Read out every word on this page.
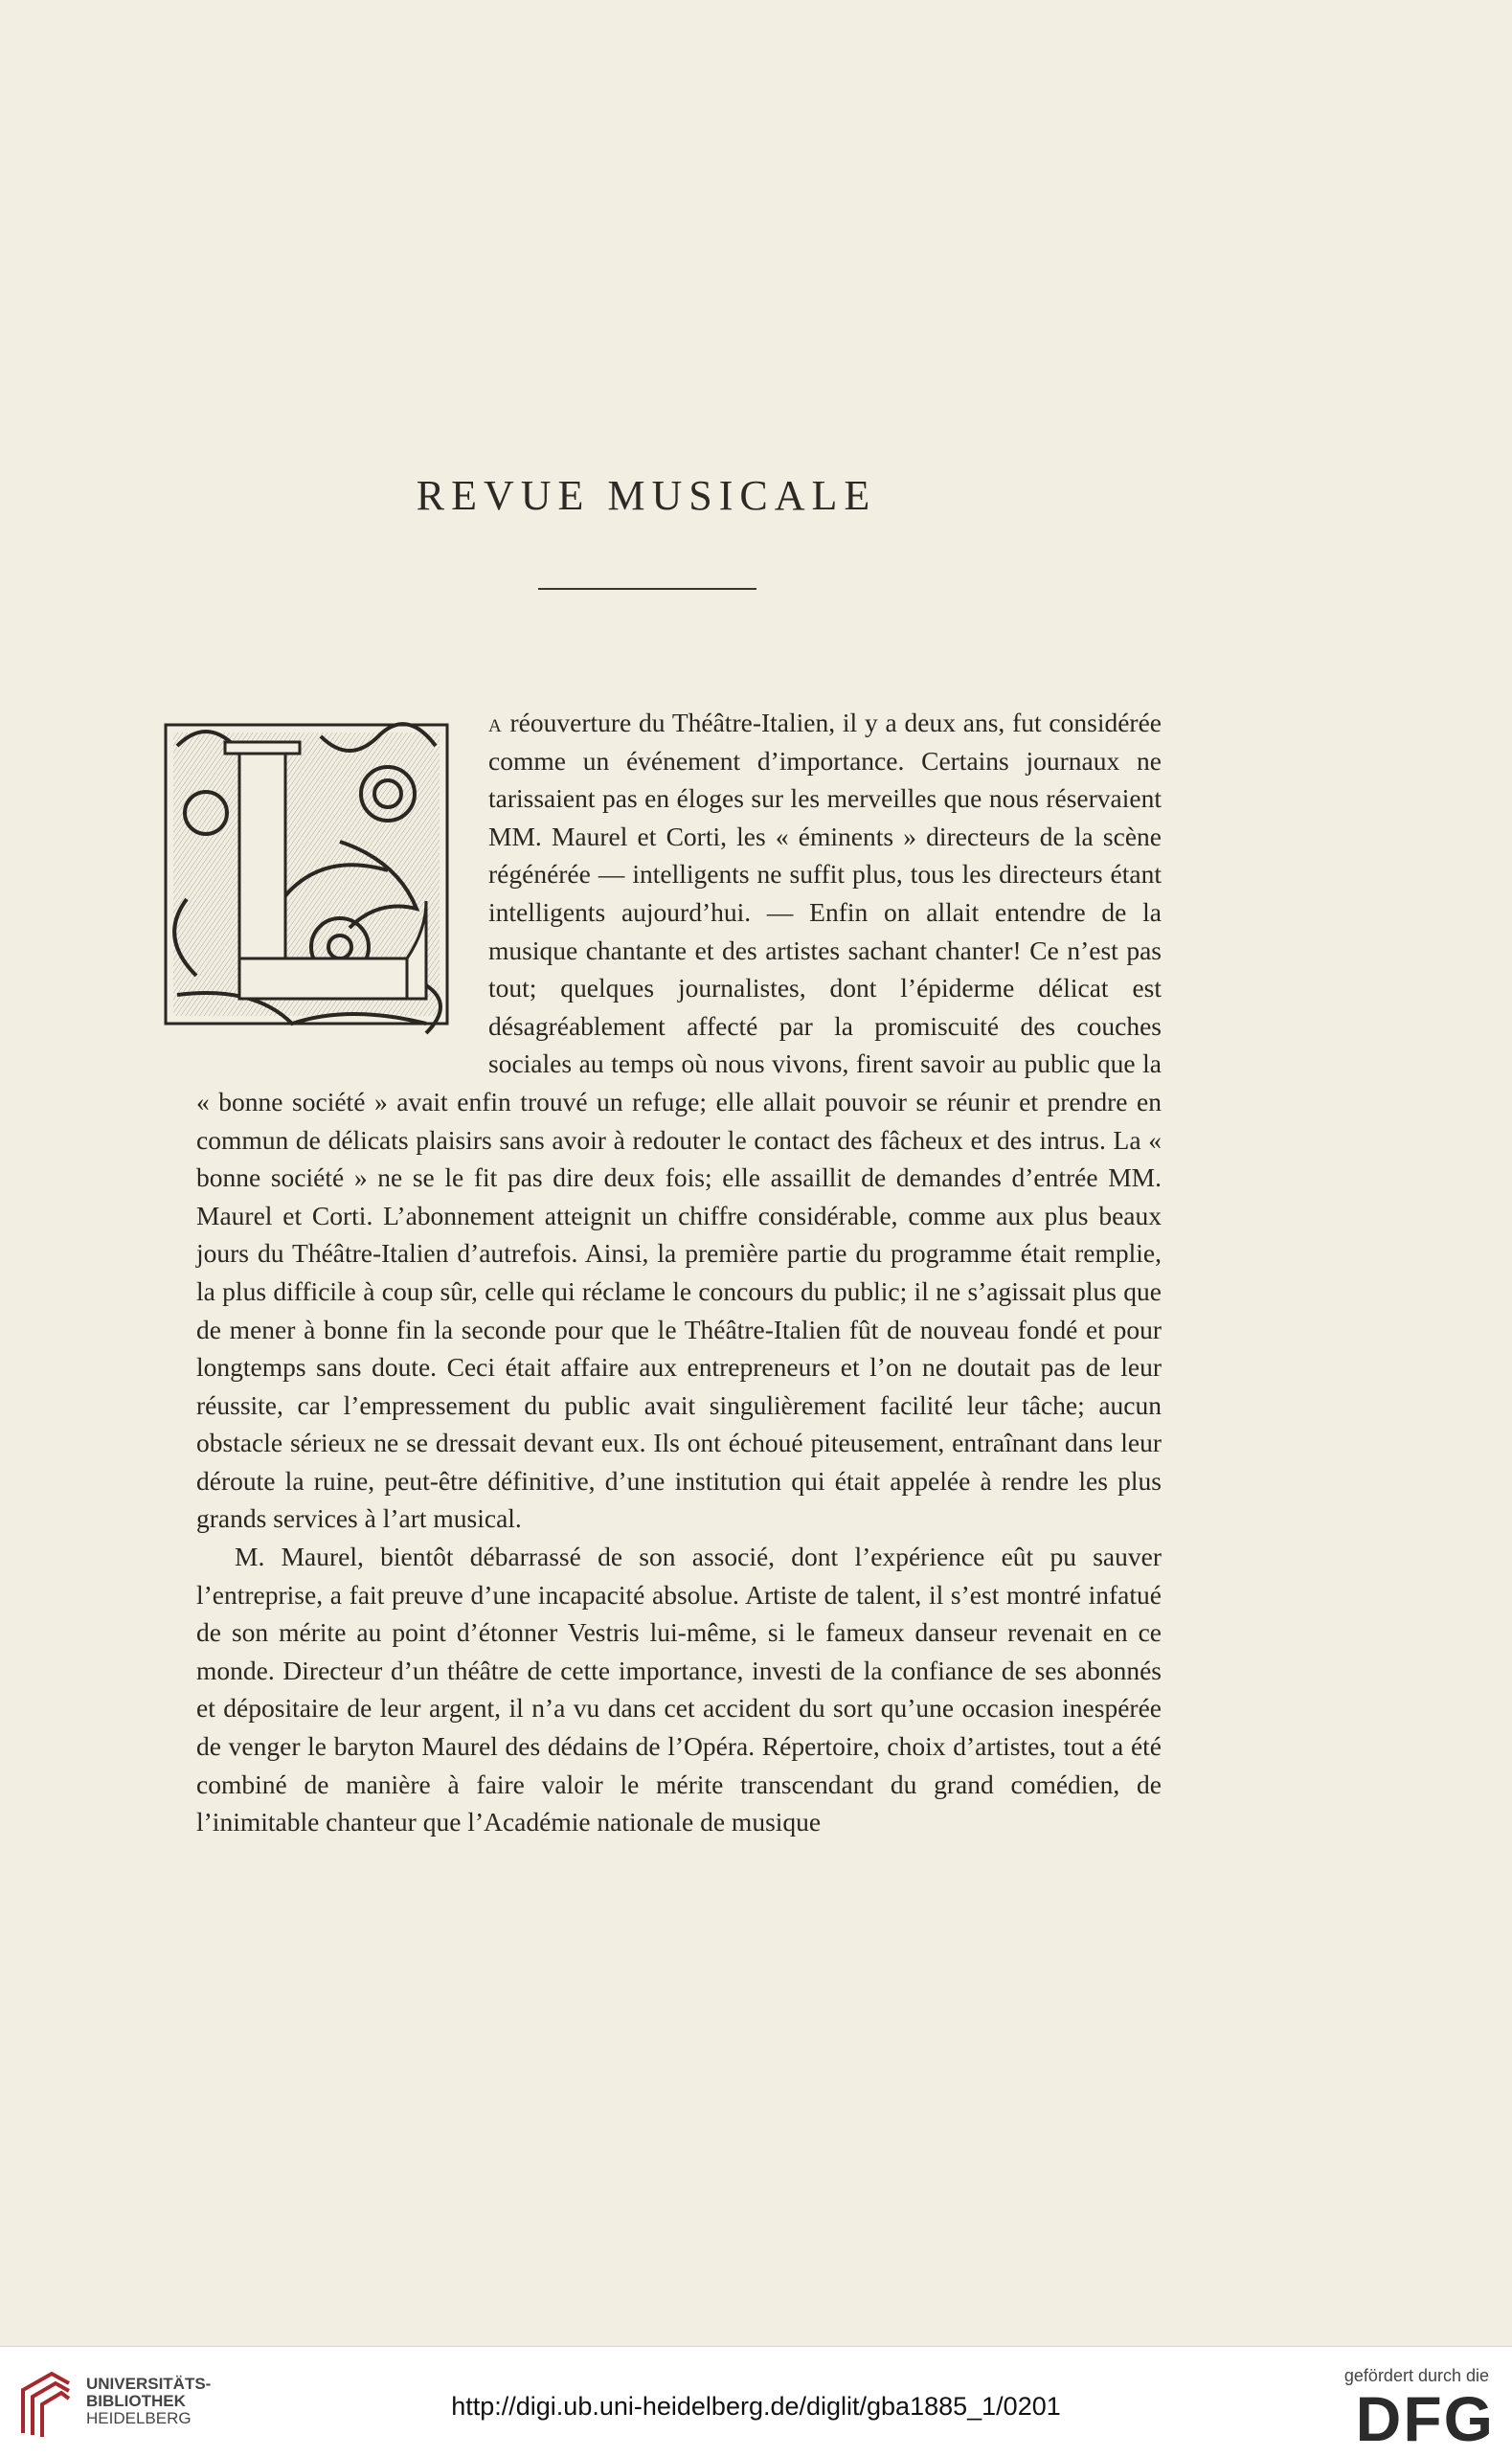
REVUE MUSICALE

a réouverture du Théâtre-Italien, il y a deux ans, fut considérée comme un événement d’importance. Certains journaux ne tarissaient pas en éloges sur les merveilles que nous réservaient MM. Maurel et Corti, les « éminents » directeurs de la scène régénérée — intelligents ne suffit plus, tous les directeurs étant intelligents aujourd’hui. — Enfin on allait entendre de la musique chantante et des artistes sachant chanter! Ce n’est pas tout; quelques journalistes, dont l’épiderme délicat est désagréablement affecté par la promiscuité des couches sociales au temps où nous vivons, firent savoir au public que la « bonne société » avait enfin trouvé un refuge; elle allait pouvoir se réunir et prendre en commun de délicats plaisirs sans avoir à redouter le contact des fâcheux et des intrus. La « bonne société » ne se le fit pas dire deux fois; elle assaillit de demandes d’entrée MM. Maurel et Corti. L’abonnement atteignit un chiffre considérable, comme aux plus beaux jours du Théâtre-Italien d’autrefois. Ainsi, la première partie du programme était remplie, la plus difficile à coup sûr, celle qui réclame le concours du public; il ne s’agissait plus que de mener à bonne fin la seconde pour que le Théâtre-Italien fût de nouveau fondé et pour longtemps sans doute. Ceci était affaire aux entrepreneurs et l’on ne doutait pas de leur réussite, car l’empressement du public avait singulièrement facilité leur tâche; aucun obstacle sérieux ne se dressait devant eux. Ils ont échoué piteusement, entraînant dans leur déroute la ruine, peut-être définitive, d’une institution qui était appelée à rendre les plus grands services à l’art musical.

M. Maurel, bientôt débarrassé de son associé, dont l’expérience eût pu sauver l’entreprise, a fait preuve d’une incapacité absolue. Artiste de talent, il s’est montré infatué de son mérite au point d’étonner Vestris lui-même, si le fameux danseur revenait en ce monde. Directeur d’un théâtre de cette importance, investi de la confiance de ses abonnés et dépositaire de leur argent, il n’a vu dans cet accident du sort qu’une occasion inespérée de venger le baryton Maurel des dédains de l’Opéra. Répertoire, choix d’artistes, tout a été combiné de manière à faire valoir le mérite transcendant du grand comédien, de l’inimitable chanteur que l’Académie nationale de musique

UNIVERSITÄTS-
BIBLIOTHEK
HEIDELBERG	http://digi.ub.uni-heidelberg.de/diglit/gba1885_1/0201
gefördert durch die
DFG
